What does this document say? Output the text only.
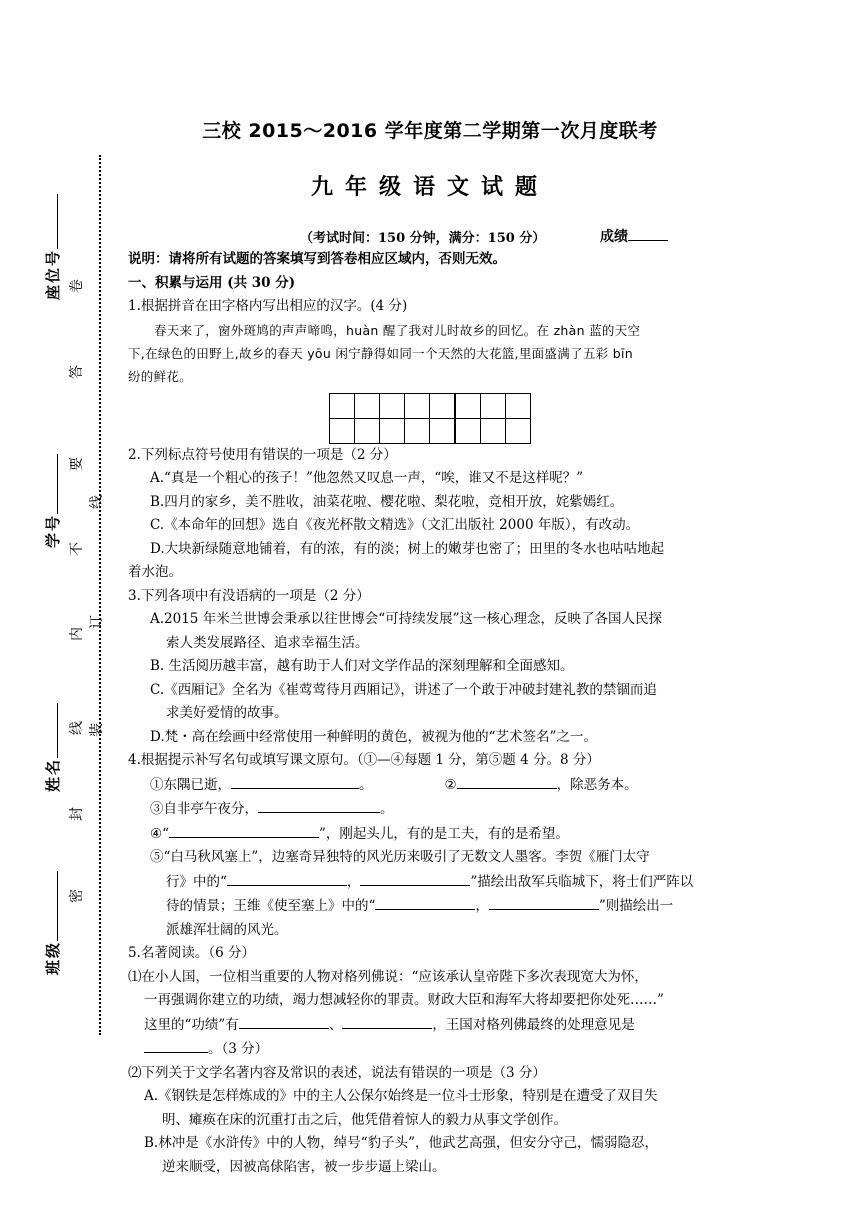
座位号
学号
姓名
班级
卷
答
要
不
内
线
封
密
线
订
装
三校 2015～2016 学年度第二学期第一次月度联考
九年级语文试题
（考试时间：150 分钟，满分：150 分）	成绩

说明：请将所有试题的答案填写到答卷相应区域内，否则无效。

一、积累与运用 (共 30 分)

1.根据拼音在田字格内写出相应的汉字。(4 分)

春天来了，窗外斑鸠的声声啼鸣，huàn 醒了我对儿时故乡的回忆。在 zhàn 蓝的天空

下,在绿色的田野上,故乡的春天 yōu 闲宁静得如同一个天然的大花篮,里面盛满了五彩 bīn

纷的鲜花。

2.下列标点符号使用有错误的一项是（2 分）

A.“真是一个粗心的孩子！”他忽然又叹息一声，“唉，谁又不是这样呢？”

B.四月的家乡，美不胜收，油菜花啦、樱花啦、梨花啦，竞相开放，姹紫嫣红。

C.《本命年的回想》选自《夜光杯散文精选》（文汇出版社 2000 年版），有改动。

D.大块新绿随意地铺着，有的浓，有的淡；树上的嫩芽也密了；田里的冬水也咕咕地起

着水泡。

3.下列各项中有没语病的一项是（2 分）

A.2015 年米兰世博会秉承以往世博会“可持续发展”这一核心理念，反映了各国人民探

索人类发展路径、追求幸福生活。

B. 生活阅历越丰富，越有助于人们对文学作品的深刻理解和全面感知。

C.《西厢记》全名为《崔莺莺待月西厢记》，讲述了一个敢于冲破封建礼教的禁锢而追

求美好爱情的故事。

D.梵・高在绘画中经常使用一种鲜明的黄色，被视为他的“艺术签名”之一。

4.根据提示补写名句或填写课文原句。（①—④每题 1 分，第⑤题 4 分。8 分）

①东隅已逝，	。	②	，除恶务本。

③自非亭午夜分，	。

④“	”，刚起头儿，有的是工夫，有的是希望。

⑤“白马秋风塞上”，边塞奇异独特的风光历来吸引了无数文人墨客。李贺《雁门太守

行》中的“	，	”描绘出敌军兵临城下，将士们严阵以

待的情景；王维《使至塞上》中的“	，	”则描绘出一

派雄浑壮阔的风光。

5.名著阅读。（6 分）

⑴在小人国，一位相当重要的人物对格列佛说：“应该承认皇帝陛下多次表现宽大为怀，

一再强调你建立的功绩，竭力想减轻你的罪责。财政大臣和海军大将却要把你处死……”

这里的“功绩”有	、	，王国对格列佛最终的处理意见是

。（3 分）

⑵下列关于文学名著内容及常识的表述，说法有错误的一项是（3 分）

A.《钢铁是怎样炼成的》中的主人公保尔始终是一位斗士形象，特别是在遭受了双目失

明、瘫痪在床的沉重打击之后，他凭借着惊人的毅力从事文学创作。

B.林冲是《水浒传》中的人物，绰号“豹子头”，他武艺高强，但安分守己，懦弱隐忍，

逆来顺受，因被高俅陷害，被一步步逼上梁山。
